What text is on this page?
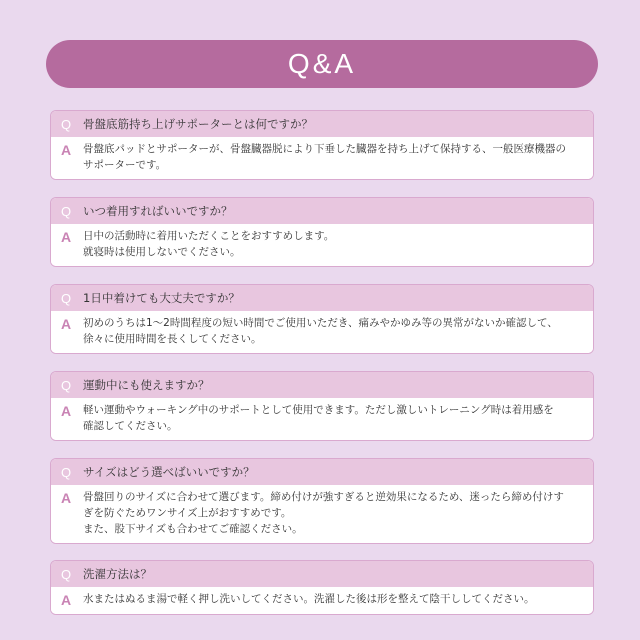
Q&A
Q	骨盤底筋持ち上げサポーターとは何ですか？
A	骨盤底パッドとサポーターが、骨盤臓器脱により下垂した臓器を持ち上げて保持する、一般医療機器の
サポーターです。
Q	いつ着用すればいいですか？
A	日中の活動時に着用いただくことをおすすめします。
就寝時は使用しないでください。
Q	1日中着けても大丈夫ですか？
A	初めのうちは1～2時間程度の短い時間でご使用いただき、痛みやかゆみ等の異常がないか確認して、
徐々に使用時間を長くしてください。
Q	運動中にも使えますか？
A	軽い運動やウォーキング中のサポートとして使用できます。ただし激しいトレーニング時は着用感を
確認してください。
Q	サイズはどう選べばいいですか？
A	骨盤回りのサイズに合わせて選びます。締め付けが強すぎると逆効果になるため、迷ったら締め付けす
ぎを防ぐためワンサイズ上がおすすめです。
また、股下サイズも合わせてご確認ください。
Q	洗濯方法は？
A	水またはぬるま湯で軽く押し洗いしてください。洗濯した後は形を整えて陰干ししてください。
